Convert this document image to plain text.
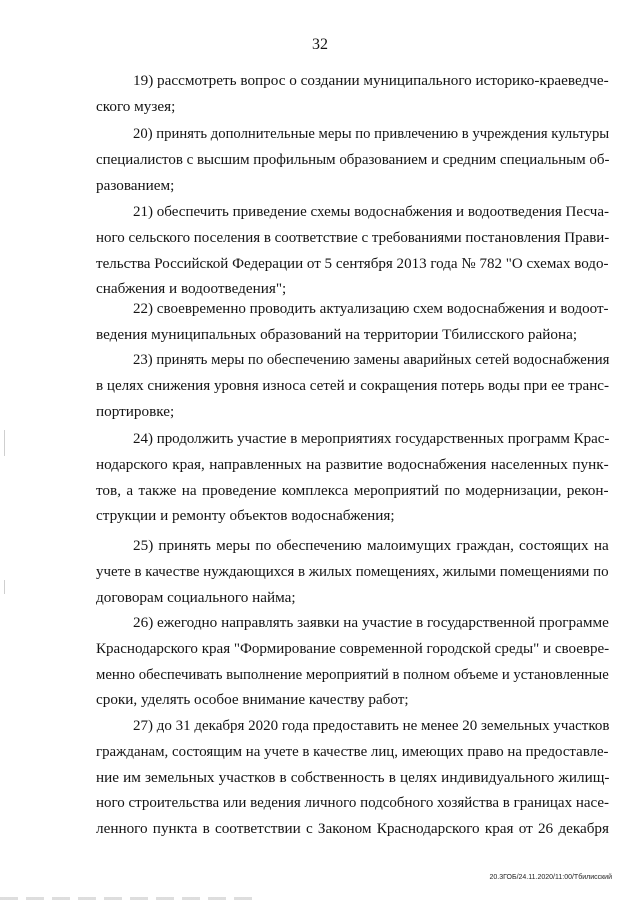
32
19) рассмотреть вопрос о создании муниципального историко-краеведче-
ского музея;
20) принять дополнительные меры по привлечению в учреждения культуры
специалистов с высшим профильным образованием и средним специальным об-
разованием;
21) обеспечить приведение схемы водоснабжения и водоотведения Песча-
ного сельского поселения в соответствие с требованиями постановления Прави-
тельства Российской Федерации от 5 сентября 2013 года № 782 "О схемах водо-
снабжения и водоотведения";
22) своевременно проводить актуализацию схем водоснабжения и водоот-
ведения муниципальных образований на территории Тбилисского района;
23) принять меры по обеспечению замены аварийных сетей водоснабжения
в целях снижения уровня износа сетей и сокращения потерь воды при ее транс-
портировке;
24) продолжить участие в мероприятиях государственных программ Крас-
нодарского края, направленных на развитие водоснабжения населенных пунк-
тов, а также на проведение комплекса мероприятий по модернизации, рекон-
струкции и ремонту объектов водоснабжения;
25) принять меры по обеспечению малоимущих граждан, состоящих на
учете в качестве нуждающихся в жилых помещениях, жилыми помещениями по
договорам социального найма;
26) ежегодно направлять заявки на участие в государственной программе
Краснодарского края "Формирование современной городской среды" и своевре-
менно обеспечивать выполнение мероприятий в полном объеме и установленные
сроки, уделять особое внимание качеству работ;
27) до 31 декабря 2020 года предоставить не менее 20 земельных участков
гражданам, состоящим на учете в качестве лиц, имеющих право на предоставле-
ние им земельных участков в собственность в целях индивидуального жилищ-
ного строительства или ведения личного подсобного хозяйства в границах насе-
ленного пункта в соответствии с Законом Краснодарского края от 26 декабря
20.3ГОБ/24.11.2020/11:00/Тбилисский
